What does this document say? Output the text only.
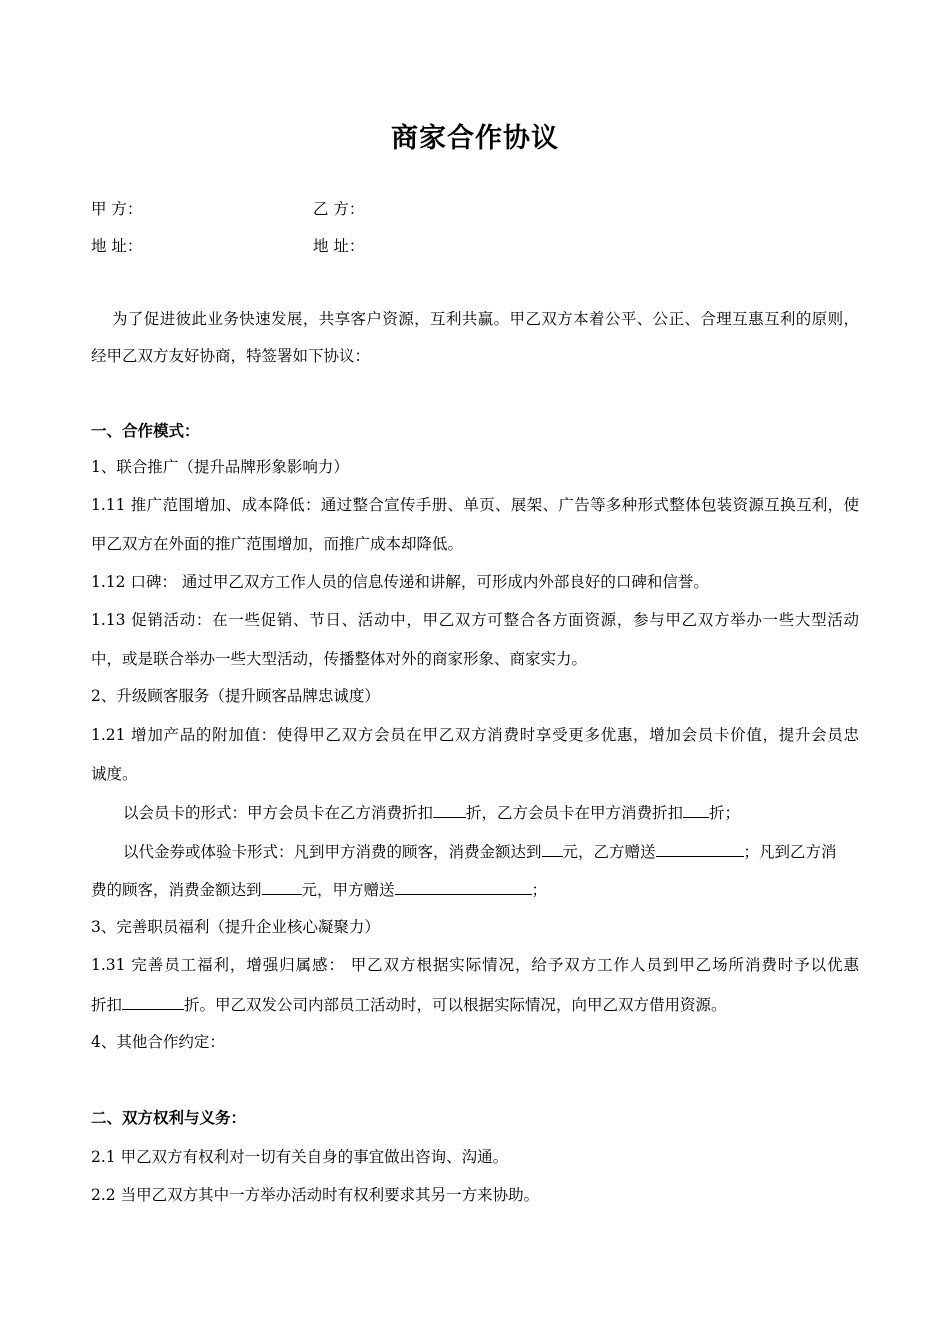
商家合作协议
甲 方：	乙 方：
地 址：	地 址：
为了促进彼此业务快速发展，共享客户资源，互利共赢。甲乙双方本着公平、公正、合理互惠互利的原则，
经甲乙双方友好协商，特签署如下协议：
一、合作模式：
1、联合推广（提升品牌形象影响力）
1.11 推广范围增加、成本降低：通过整合宣传手册、单页、展架、广告等多种形式整体包装资源互换互利，使
甲乙双方在外面的推广范围增加，而推广成本却降低。
1.12 口碑： 通过甲乙双方工作人员的信息传递和讲解，可形成内外部良好的口碑和信誉。
1.13 促销活动：在一些促销、节日、活动中，甲乙双方可整合各方面资源，参与甲乙双方举办一些大型活动
中，或是联合举办一些大型活动，传播整体对外的商家形象、商家实力。
2、升级顾客服务（提升顾客品牌忠诚度）
1.21 增加产品的附加值：使得甲乙双方会员在甲乙双方消费时享受更多优惠，增加会员卡价值，提升会员忠
诚度。
以会员卡的形式：甲方会员卡在乙方消费折扣 折，乙方会员卡在甲方消费折扣 折；
以代金券或体验卡形式：凡到甲方消费的顾客，消费金额达到 元，乙方赠送	；凡到乙方消
费的顾客，消费金额达到	元，甲方赠送	；
3、完善职员福利（提升企业核心凝聚力）
1.31 完善员工福利，增强归属感： 甲乙双方根据实际情况，给予双方工作人员到甲乙场所消费时予以优惠
折扣	折。甲乙双发公司内部员工活动时，可以根据实际情况，向甲乙双方借用资源。
4、其他合作约定：
二、双方权利与义务：
2.1 甲乙双方有权利对一切有关自身的事宜做出咨询、沟通。
2.2 当甲乙双方其中一方举办活动时有权利要求其另一方来协助。
